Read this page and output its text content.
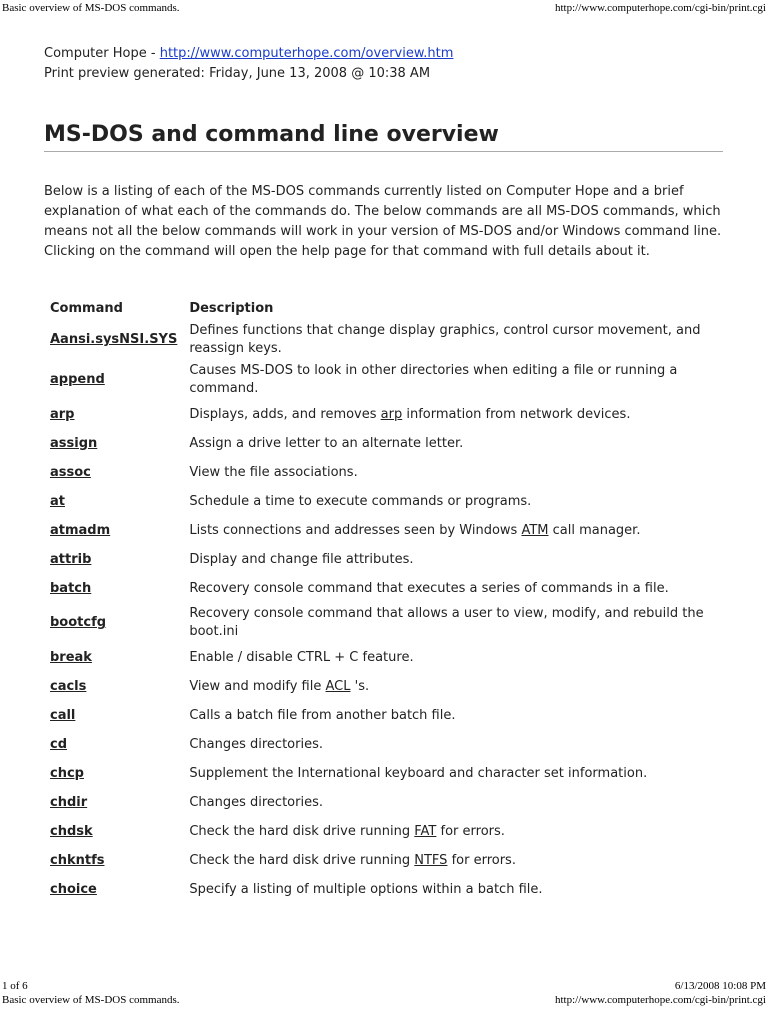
Basic overview of MS-DOS commands.	http://www.computerhope.com/cgi-bin/print.cgi
Computer Hope - http://www.computerhope.com/overview.htm
Print preview generated: Friday, June 13, 2008 @ 10:38 AM
MS-DOS and command line overview

Below is a listing of each of the MS-DOS commands currently listed on Computer Hope and a brief explanation of what each of the commands do. The below commands are all MS-DOS commands, which means not all the below commands will work in your version of MS-DOS and/or Windows command line. Clicking on the command will open the help page for that command with full details about it.

Command	Description
Aansi.sysNSI.SYS	Defines functions that change display graphics, control cursor movement, and reassign keys.
append	Causes MS-DOS to look in other directories when editing a file or running a command.
arp	Displays, adds, and removes arp information from network devices.
assign	Assign a drive letter to an alternate letter.
assoc	View the file associations.
at	Schedule a time to execute commands or programs.
atmadm	Lists connections and addresses seen by Windows ATM call manager.
attrib	Display and change file attributes.
batch	Recovery console command that executes a series of commands in a file.
bootcfg	Recovery console command that allows a user to view, modify, and rebuild the boot.ini
break	Enable / disable CTRL + C feature.
cacls	View and modify file ACL 's.
call	Calls a batch file from another batch file.
cd	Changes directories.
chcp	Supplement the International keyboard and character set information.
chdir	Changes directories.
chdsk	Check the hard disk drive running FAT for errors.
chkntfs	Check the hard disk drive running NTFS for errors.
choice	Specify a listing of multiple options within a batch file.
1 of 6	6/13/2008 10:08 PM
Basic overview of MS-DOS commands.	http://www.computerhope.com/cgi-bin/print.cgi
